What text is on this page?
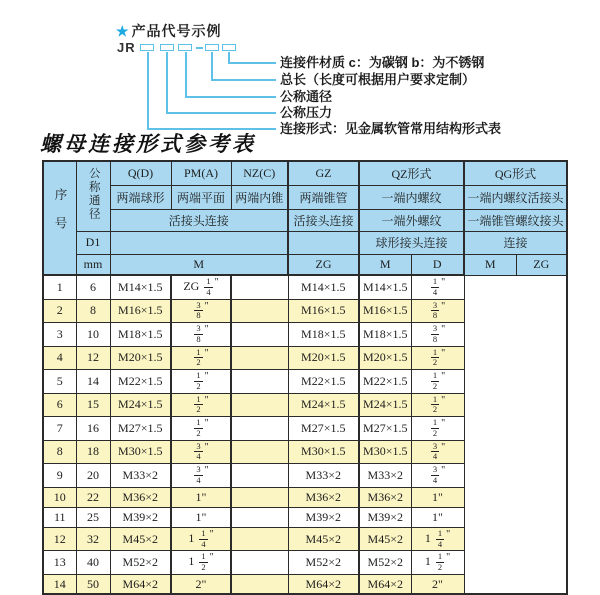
★ 产品代号示例
JR
连接件材质 c：为碳钢 b：为不锈钢
总长（长度可根据用户要求定制）
公称通径
公称压力
连接形式：见金属软管常用结构形式表
螺母连接形式参考表
序号	公称通径	Q(D)	PM(A)	NZ(C)	GZ	QZ形式		QG形式	
		两端球形	两端平面	两端内锥	两端锥管	一端内螺纹		一端内螺纹活接头	
		活接头连接			活接头连接	一端外螺纹		一端锥管螺纹接头	
	D1					球形接头连接		连接	
	mm	M			ZG	M	D	M	ZG
1	6	M14×1.5	ZG $\frac{1}{4} ^"$		M14×1.5	M14×1.5	$\frac{1}{4} ^"$
2	8	M16×1.5	$\frac{3}{8} ^"$		M16×1.5	M16×1.5	$\frac{3}{8} ^"$
3	10	M18×1.5	$\frac{3}{8} ^"$		M18×1.5	M18×1.5	$\frac{3}{8} ^"$
4	12	M20×1.5	$\frac{1}{2} ^"$		M20×1.5	M20×1.5	$\frac{1}{2} ^"$
5	14	M22×1.5	$\frac{1}{2} ^"$		M22×1.5	M22×1.5	$\frac{1}{2} ^"$
6	15	M24×1.5	$\frac{1}{2} ^"$		M24×1.5	M24×1.5	$\frac{1}{2} ^"$
7	16	M27×1.5	$\frac{1}{2} ^"$		M27×1.5	M27×1.5	$\frac{1}{2} ^"$
8	18	M30×1.5	$\frac{3}{4} ^"$		M30×1.5	M30×1.5	$\frac{3}{4} ^"$
9	20	M33×2	$\frac{3}{4} ^"$		M33×2	M33×2	$\frac{3}{4} ^"$
10	22	M36×2	1"		M36×2	M36×2	1"		
11	25	M39×2	1"		M39×2	M39×2	1"		
12	32	M45×2	$1 \frac{1}{4} ^"$		M45×2	M45×2	$1 \frac{1}{4} ^"$
13	40	M52×2	$1 \frac{1}{2} ^"$		M52×2	M52×2	$1 \frac{1}{2} ^"$
14	50	M64×2	2"		M64×2	M64×2	2"		
